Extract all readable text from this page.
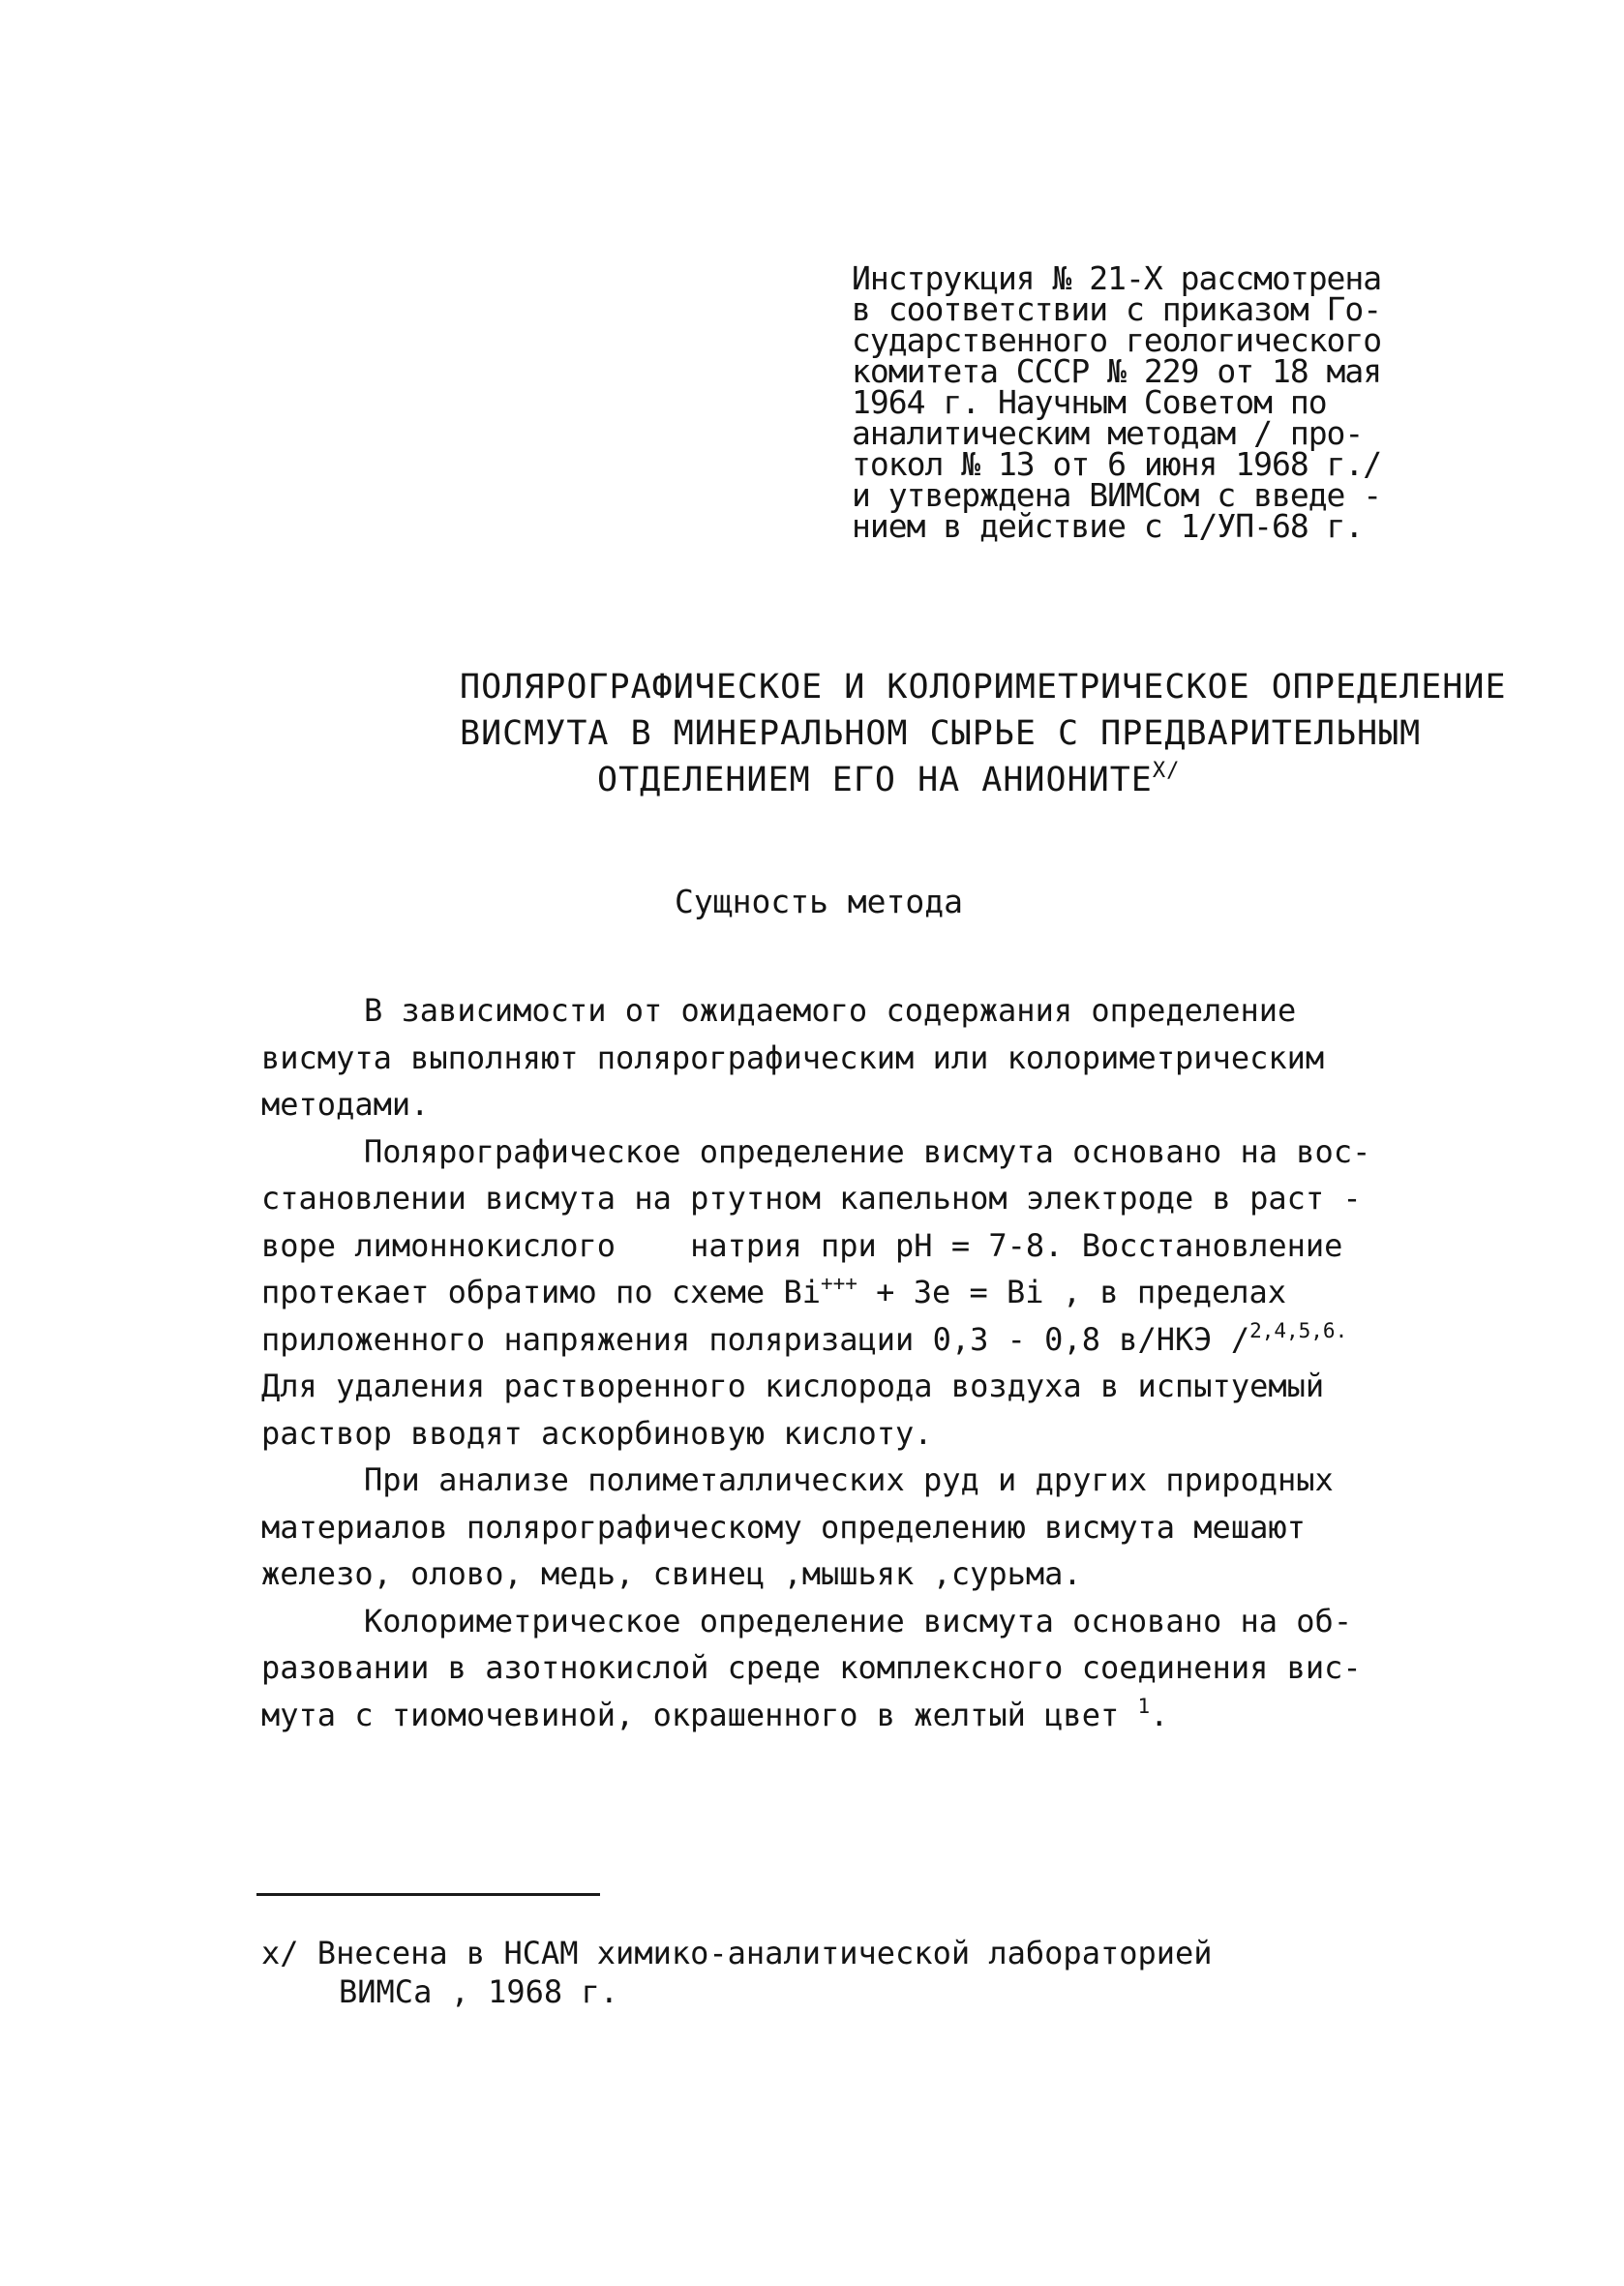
Инструкция № 21-Х рассмотрена
в соответствии с приказом Го-
сударственного геологического
комитета СССР № 229 от 18 мая
1964 г. Научным Советом по
аналитическим методам / про-
токол № 13 от 6 июня 1968 г./
и утверждена ВИМСом с введе -
нием в действие с 1/УП-68 г.
ПОЛЯРОГРАФИЧЕСКОЕ И КОЛОРИМЕТРИЧЕСКОЕ ОПРЕДЕЛЕНИЕ
ВИСМУТА В МИНЕРАЛЬНОМ СЫРЬЕ С ПРЕДВАРИТЕЛЬНЫМ
ОТДЕЛЕНИЕМ ЕГО НА $АНИОНИТЕ^{Х/}$
Сущность метода
В зависимости от ожидаемого содержания определение
висмута выполняют полярографическим или колориметрическим
методами.
Полярографическое определение висмута основано на вос-
становлении висмута на ртутном капельном электроде в раст -
воре лимоннокислого    натрия при pH = 7-8. Восстановление
протекает обратимо по схеме Bi+++ + 3е = Bi , в пределах
приложенного напряжения поляризации 0,3 - 0,8 в/НКЭ /$^{2,4,5,6.}$
Для удаления растворенного кислорода воздуха в испытуемый
раствор вводят аскорбиновую кислоту.
При анализе полиметаллических руд и других природных
материалов полярографическому определению висмута мешают
железо, олово, медь, свинец ,мышьяк ,сурьма.
Колориметрическое определение висмута основано на об-
разовании в азотнокислой среде комплексного соединения вис-
мута с тиомочевиной, окрашенного в желтый цвет $^1$.
х/ Внесена в НСАМ химико-аналитической лабораторией
ВИМСа , 1968 г.
